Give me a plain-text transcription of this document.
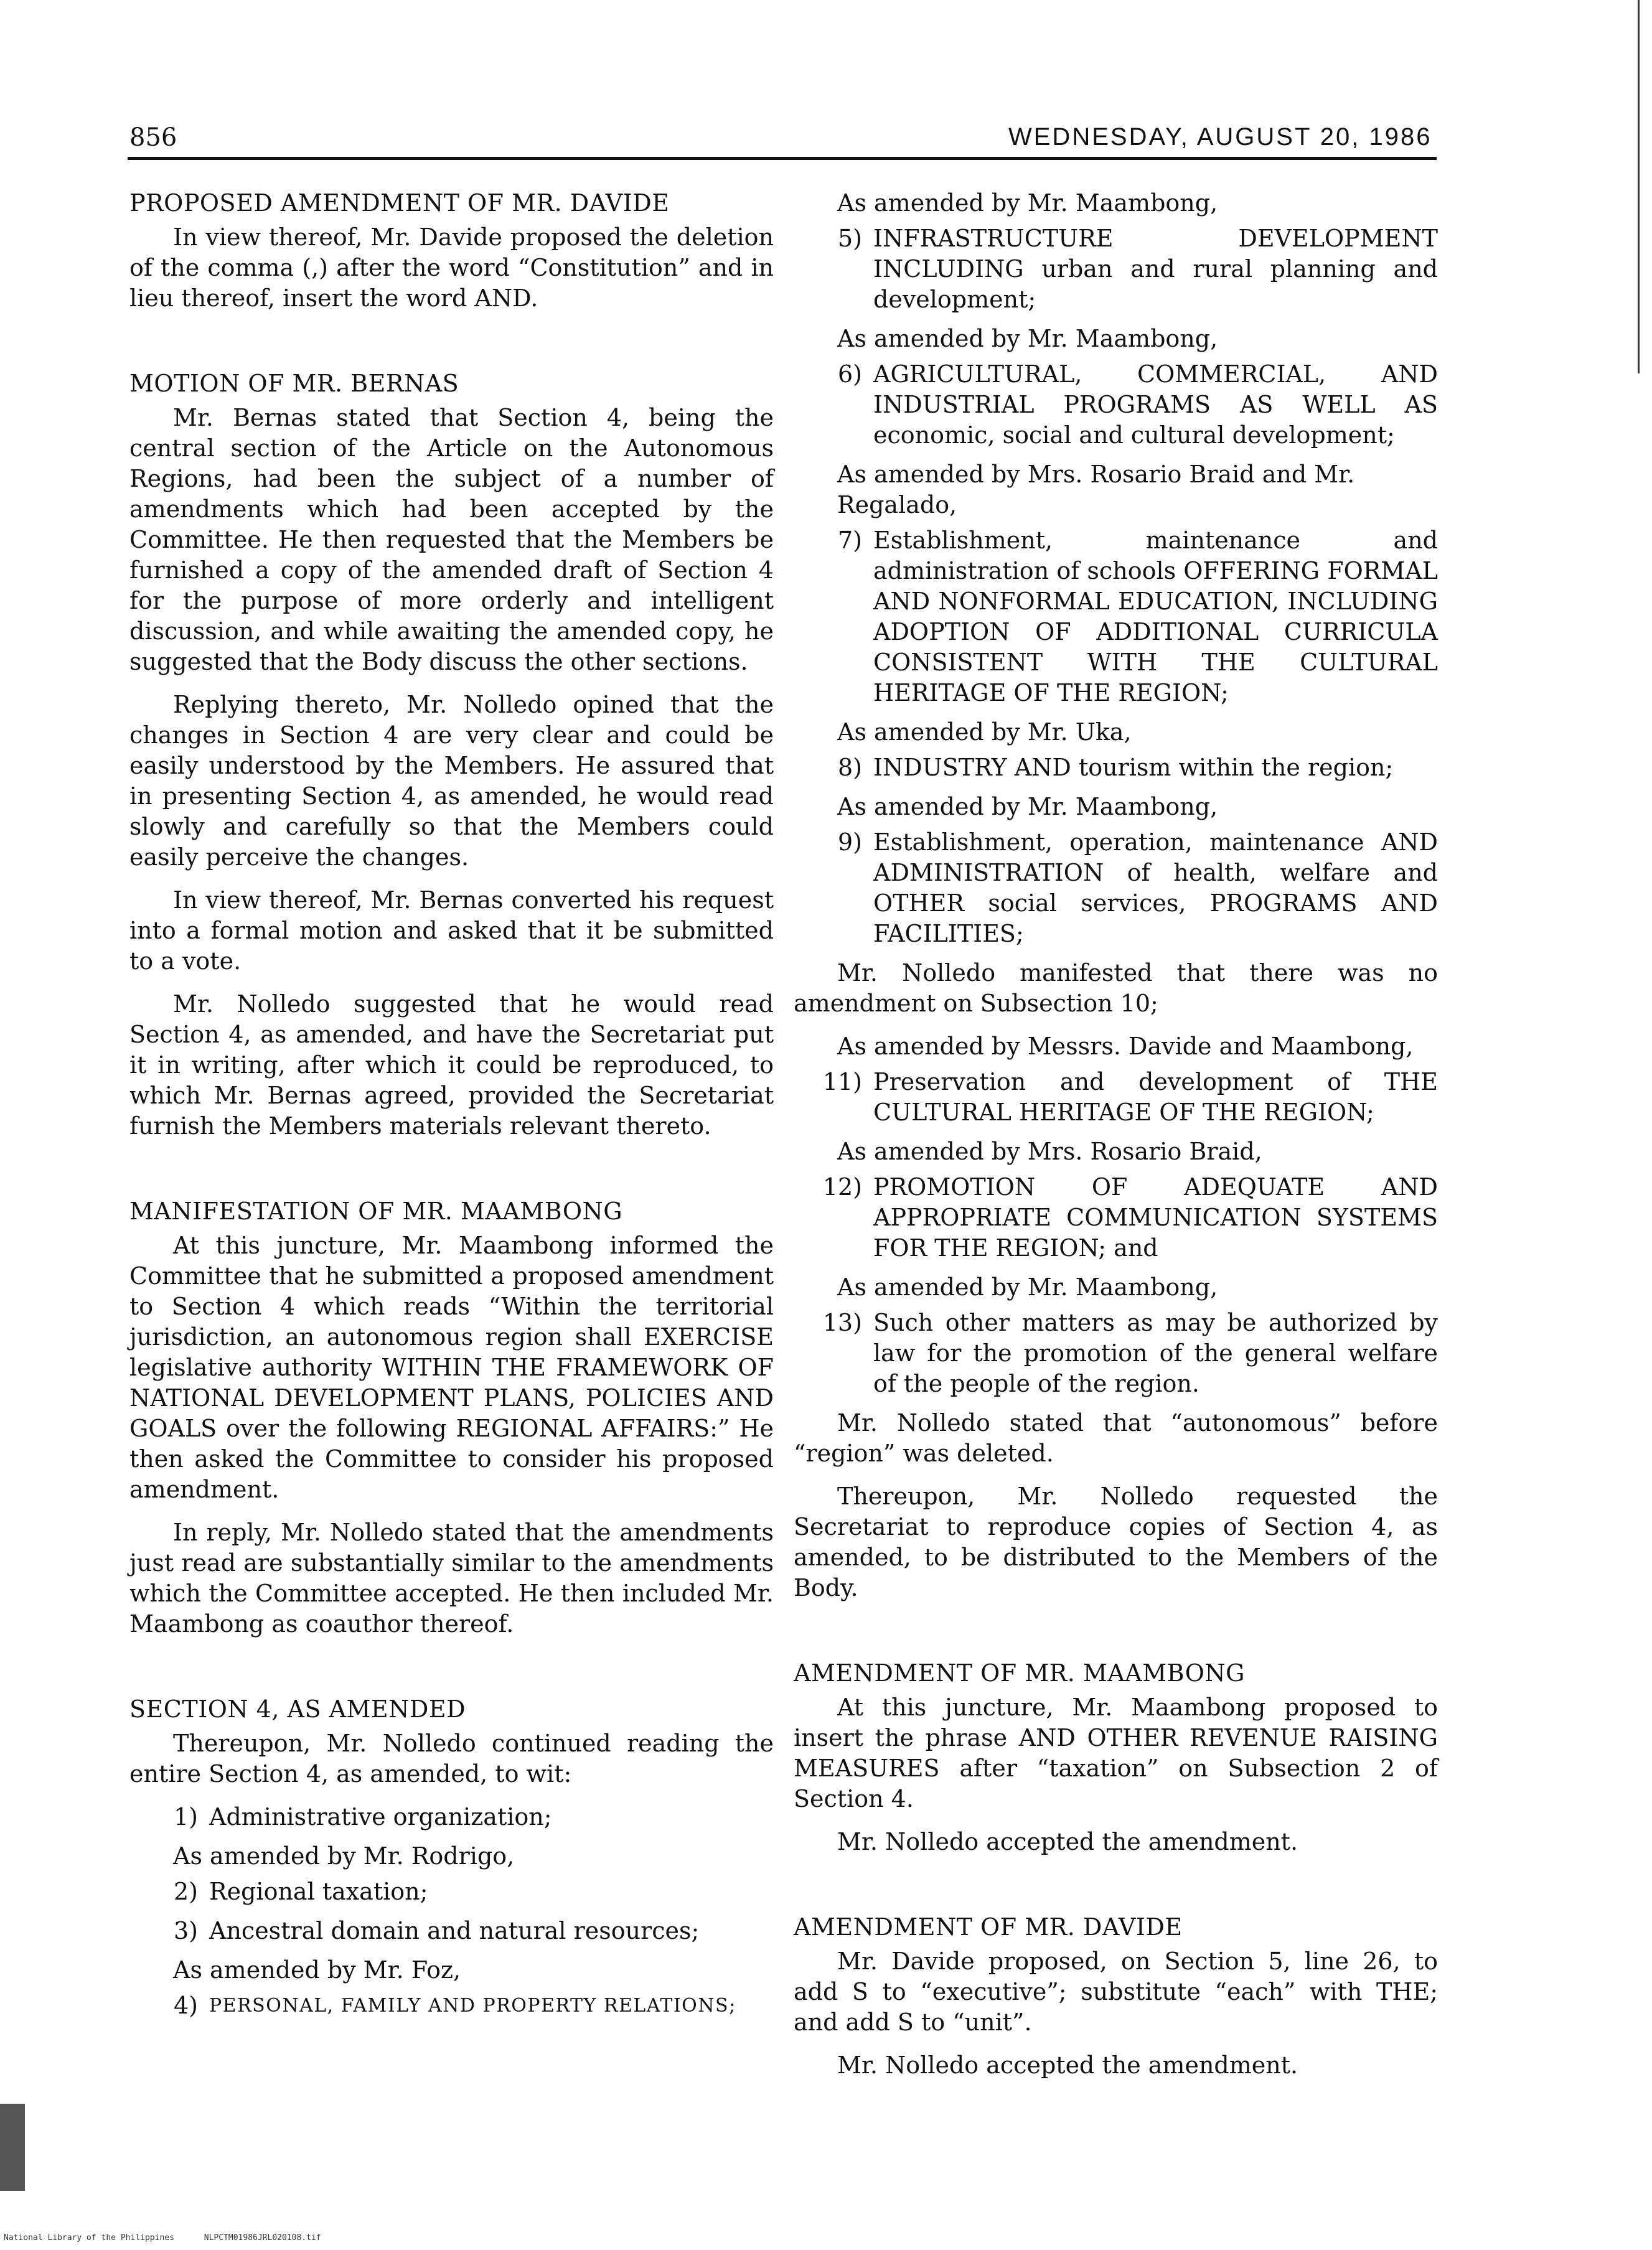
856	WEDNESDAY, AUGUST 20, 1986
PROPOSED AMENDMENT OF MR. DAVIDE

In view thereof, Mr. Davide proposed the deletion of the comma (,) after the word “Constitution” and in lieu thereof, insert the word AND.

MOTION OF MR. BERNAS

Mr. Bernas stated that Section 4, being the central section of the Article on the Autonomous Regions, had been the subject of a number of amendments which had been accepted by the Committee. He then requested that the Members be furnished a copy of the amended draft of Section 4 for the purpose of more orderly and intelligent discussion, and while awaiting the amended copy, he suggested that the Body discuss the other sections.

Replying thereto, Mr. Nolledo opined that the changes in Section 4 are very clear and could be easily understood by the Members. He assured that in presenting Section 4, as amended, he would read slowly and carefully so that the Members could easily perceive the changes.

In view thereof, Mr. Bernas converted his request into a formal motion and asked that it be submitted to a vote.

Mr. Nolledo suggested that he would read Section 4, as amended, and have the Secretariat put it in writing, after which it could be reproduced, to which Mr. Bernas agreed, provided the Secretariat furnish the Members materials relevant thereto.

MANIFESTATION OF MR. MAAMBONG

At this juncture, Mr. Maambong informed the Committee that he submitted a proposed amendment to Section 4 which reads “Within the territorial jurisdiction, an autonomous region shall EXERCISE legislative authority WITHIN THE FRAMEWORK OF NATIONAL DEVELOPMENT PLANS, POLICIES AND GOALS over the following REGIONAL AFFAIRS:” He then asked the Committee to consider his proposed amendment.

In reply, Mr. Nolledo stated that the amendments just read are substantially similar to the amendments which the Committee accepted. He then included Mr. Maambong as coauthor thereof.

SECTION 4, AS AMENDED

Thereupon, Mr. Nolledo continued reading the entire Section 4, as amended, to wit:

1) Administrative organization;
As amended by Mr. Rodrigo,
2) Regional taxation;
3) Ancestral domain and natural resources;
As amended by Mr. Foz,
4) PERSONAL, FAMILY AND PROPERTY RELATIONS;
As amended by Mr. Maambong,
5) INFRASTRUCTURE DEVELOPMENT INCLUDING urban and rural planning and development;
As amended by Mr. Maambong,
6) AGRICULTURAL, COMMERCIAL, AND INDUSTRIAL PROGRAMS AS WELL AS economic, social and cultural development;
As amended by Mrs. Rosario Braid and Mr. Regalado,
7) Establishment, maintenance and administration of schools OFFERING FORMAL AND NONFORMAL EDUCATION, INCLUDING ADOPTION OF ADDITIONAL CURRICULA CONSISTENT WITH THE CULTURAL HERITAGE OF THE REGION;
As amended by Mr. Uka,
8) INDUSTRY AND tourism within the region;
As amended by Mr. Maambong,
9) Establishment, operation, maintenance AND ADMINISTRATION of health, welfare and OTHER social services, PROGRAMS AND FACILITIES;

Mr. Nolledo manifested that there was no amendment on Subsection 10;

As amended by Messrs. Davide and Maambong,
11) Preservation and development of THE CULTURAL HERITAGE OF THE REGION;
As amended by Mrs. Rosario Braid,
12) PROMOTION OF ADEQUATE AND APPROPRIATE COMMUNICATION SYSTEMS FOR THE REGION; and
As amended by Mr. Maambong,
13) Such other matters as may be authorized by law for the promotion of the general welfare of the people of the region.

Mr. Nolledo stated that “autonomous” before “region” was deleted.

Thereupon, Mr. Nolledo requested the Secretariat to reproduce copies of Section 4, as amended, to be distributed to the Members of the Body.

AMENDMENT OF MR. MAAMBONG

At this juncture, Mr. Maambong proposed to insert the phrase AND OTHER REVENUE RAISING MEASURES after “taxation” on Subsection 2 of Section 4.

Mr. Nolledo accepted the amendment.

AMENDMENT OF MR. DAVIDE

Mr. Davide proposed, on Section 5, line 26, to add S to “executive”; substitute “each” with THE; and add S to “unit”.

Mr. Nolledo accepted the amendment.

National Library of the Philippines	NLPCTM01986JRL020108.tif
